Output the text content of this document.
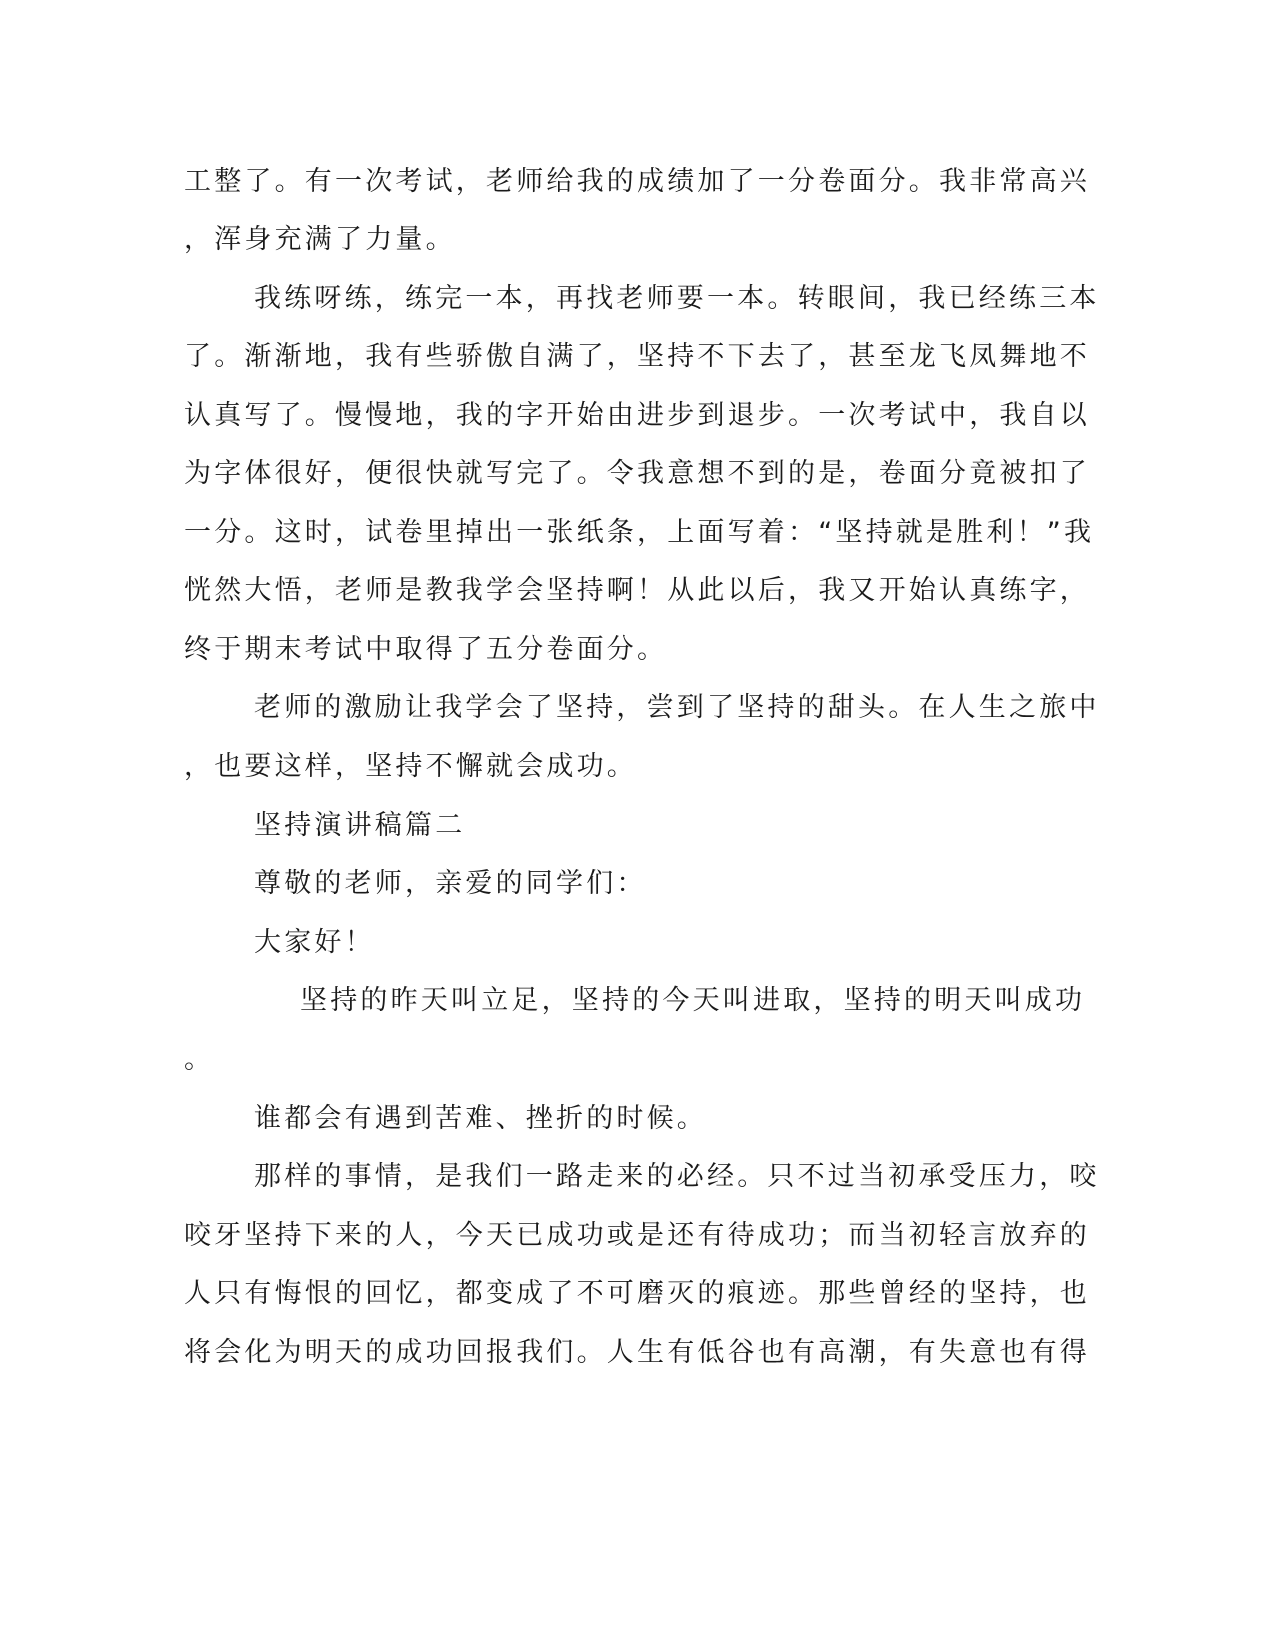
工整了。有一次考试，老师给我的成绩加了一分卷面分。我非常高兴
，浑身充满了力量。
我练呀练，练完一本，再找老师要一本。转眼间，我已经练三本
了。渐渐地，我有些骄傲自满了，坚持不下去了，甚至龙飞凤舞地不
认真写了。慢慢地，我的字开始由进步到退步。一次考试中，我自以
为字体很好，便很快就写完了。令我意想不到的是，卷面分竟被扣了
一分。这时，试卷里掉出一张纸条，上面写着：“坚持就是胜利！”我
恍然大悟，老师是教我学会坚持啊！从此以后，我又开始认真练字，
终于期末考试中取得了五分卷面分。
老师的激励让我学会了坚持，尝到了坚持的甜头。在人生之旅中
，也要这样，坚持不懈就会成功。
坚持演讲稿篇二
尊敬的老师，亲爱的同学们：
大家好！
坚持的昨天叫立足，坚持的今天叫进取，坚持的明天叫成功
。
谁都会有遇到苦难、挫折的时候。
那样的事情，是我们一路走来的必经。只不过当初承受压力，咬
咬牙坚持下来的人，今天已成功或是还有待成功；而当初轻言放弃的
人只有悔恨的回忆，都变成了不可磨灭的痕迹。那些曾经的坚持，也
将会化为明天的成功回报我们。人生有低谷也有高潮，有失意也有得
